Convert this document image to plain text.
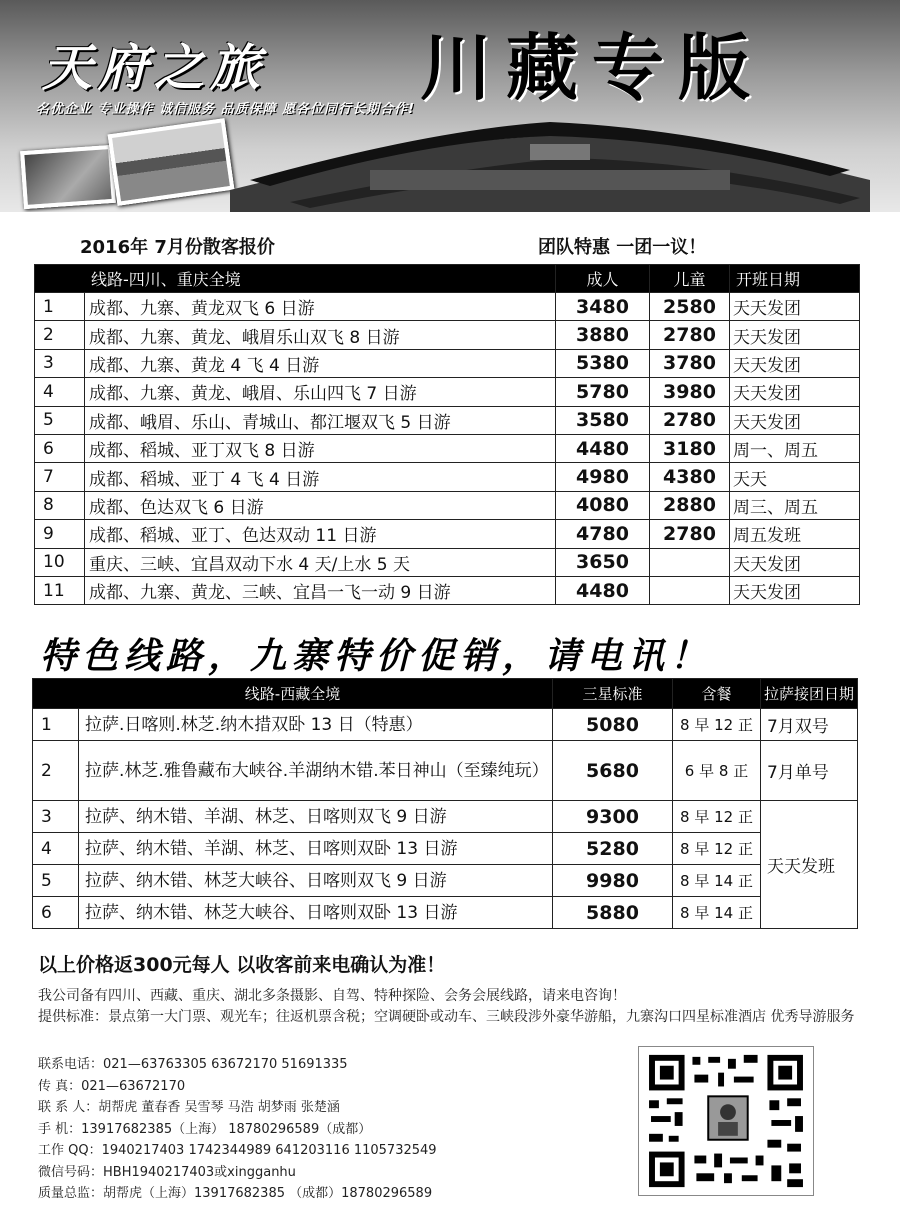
天府之旅 川藏专版
名优企业 专业操作 诚信服务 品质保障 愿各位同行长期合作!
2016年 7月份散客报价	团队特惠 一团一议！
线路-四川、重庆全境		成人	儿童	开班日期
1	成都、九寨、黄龙双飞 6 日游	3480	2580	天天发团
2	成都、九寨、黄龙、峨眉乐山双飞 8 日游	3880	2780	天天发团
3	成都、九寨、黄龙 4 飞 4 日游	5380	3780	天天发团
4	成都、九寨、黄龙、峨眉、乐山四飞 7 日游	5780	3980	天天发团
5	成都、峨眉、乐山、青城山、都江堰双飞 5 日游	3580	2780	天天发团
6	成都、稻城、亚丁双飞 8 日游	4480	3180	周一、周五
7	成都、稻城、亚丁 4 飞 4 日游	4980	4380	天天
8	成都、色达双飞 6 日游	4080	2880	周三、周五
9	成都、稻城、亚丁、色达双动 11 日游	4780	2780	周五发班
10	重庆、三峡、宜昌双动下水 4 天/上水 5 天	3650		天天发团
11	成都、九寨、黄龙、三峡、宜昌一飞一动 9 日游	4480		天天发团
特色线路，九寨特价促销，请电讯！
线路-西藏全境		三星标准	含餐	拉萨接团日期
1	拉萨.日喀则.林芝.纳木措双卧 13 日（特惠）	5080	8 早 12 正	7月双号
2	拉萨.林芝.雅鲁藏布大峡谷.羊湖纳木错.苯日神山（至臻纯玩）	5680	6 早 8 正	7月单号
3	拉萨、纳木错、羊湖、林芝、日喀则双飞 9 日游	9300	8 早 12 正	天天发班
4	拉萨、纳木错、羊湖、林芝、日喀则双卧 13 日游	5280	8 早 12 正	
5	拉萨、纳木错、林芝大峡谷、日喀则双飞 9 日游	9980	8 早 14 正	
6	拉萨、纳木错、林芝大峡谷、日喀则双卧 13 日游	5880	8 早 14 正	
以上价格返300元每人 以收客前来电确认为准！

我公司备有四川、西藏、重庆、湖北多条摄影、自驾、特种探险、会务会展线路，请来电咨询！

提供标准：景点第一大门票、观光车；往返机票含税；空调硬卧或动车、三峡段涉外豪华游船，九寨沟口四星标准酒店 优秀导游服务

联系电话：021—63763305 63672170 51691335
传 真：021—63672170
联 系 人：胡帮虎 董春香 吴雪琴 马浩 胡梦雨 张楚涵
手 机：13917682385（上海） 18780296589（成都）
工作 QQ：1940217403 1742344989 641203116 1105732549
微信号码：HBH1940217403或xingganhu
质量总监：胡帮虎（上海）13917682385 （成都）18780296589
